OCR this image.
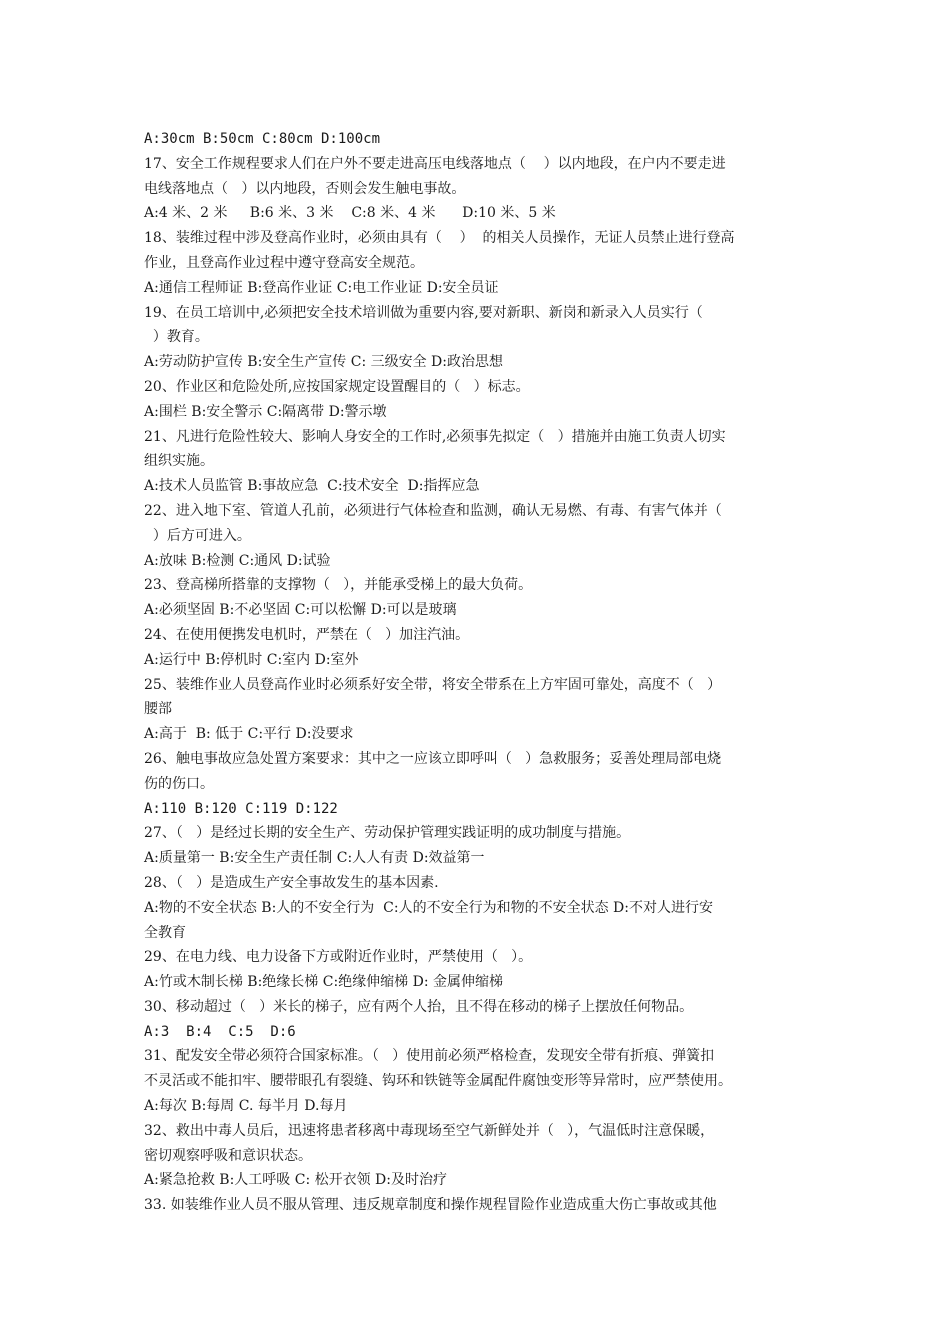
A:30cm B:50cm C:80cm D:100cm
17、安全工作规程要求人们在户外不要走进高压电线落地点（    ）以内地段，在户内不要走进
电线落地点（   ）以内地段，否则会发生触电事故。
A:4 米、2 米     B:6 米、3 米    C:8 米、4 米      D:10 米、5 米
18、装维过程中涉及登高作业时，必须由具有（    ）  的相关人员操作，无证人员禁止进行登高
作业，且登高作业过程中遵守登高安全规范。
A:通信工程师证 B:登高作业证 C:电工作业证 D:安全员证
19、在员工培训中,必须把安全技术培训做为重要内容,要对新职、新岗和新录入人员实行（
）教育。
A:劳动防护宣传 B:安全生产宣传 C: 三级安全 D:政治思想
20、作业区和危险处所,应按国家规定设置醒目的（   ）标志。
A:围栏 B:安全警示 C:隔离带 D:警示墩
21、凡进行危险性较大、影响人身安全的工作时,必须事先拟定（   ）措施并由施工负责人切实
组织实施。
A:技术人员监管 B:事故应急  C:技术安全  D:指挥应急
22、进入地下室、管道人孔前，必须进行气体检查和监测，确认无易燃、有毒、有害气体并（
）后方可进入。
A:放味 B:检测 C:通风 D:试验
23、登高梯所搭靠的支撑物（   ），并能承受梯上的最大负荷。
A:必须坚固 B:不必坚固 C:可以松懈 D:可以是玻璃
24、在使用便携发电机时，严禁在（   ）加注汽油。
A:运行中 B:停机时 C:室内 D:室外
25、装维作业人员登高作业时必须系好安全带，将安全带系在上方牢固可靠处，高度不（   ）
腰部
A:高于  B: 低于 C:平行 D:没要求
26、触电事故应急处置方案要求：其中之一应该立即呼叫（   ）急救服务；妥善处理局部电烧
伤的伤口。
A:110 B:120 C:119 D:122
27、（   ）是经过长期的安全生产、劳动保护管理实践证明的成功制度与措施。
A:质量第一 B:安全生产责任制 C:人人有责 D:效益第一
28、（   ）是造成生产安全事故发生的基本因素.
A:物的不安全状态 B:人的不安全行为  C:人的不安全行为和物的不安全状态 D:不对人进行安
全教育
29、在电力线、电力设备下方或附近作业时，严禁使用（   ）。
A:竹或木制长梯 B:绝缘长梯 C:绝缘伸缩梯 D: 金属伸缩梯
30、移动超过（   ）米长的梯子，应有两个人抬，且不得在移动的梯子上摆放任何物品。
A:3  B:4  C:5  D:6
31、配发安全带必须符合国家标准。（   ）使用前必须严格检查，发现安全带有折痕、弹簧扣
不灵活或不能扣牢、腰带眼孔有裂缝、钩环和铁链等金属配件腐蚀变形等异常时，应严禁使用。
A:每次 B:每周 C. 每半月 D.每月
32、救出中毒人员后，迅速将患者移离中毒现场至空气新鲜处并（   ），气温低时注意保暖，
密切观察呼吸和意识状态。
A:紧急抢救 B:人工呼吸 C: 松开衣领 D:及时治疗
33. 如装维作业人员不服从管理、违反规章制度和操作规程冒险作业造成重大伤亡事故或其他
